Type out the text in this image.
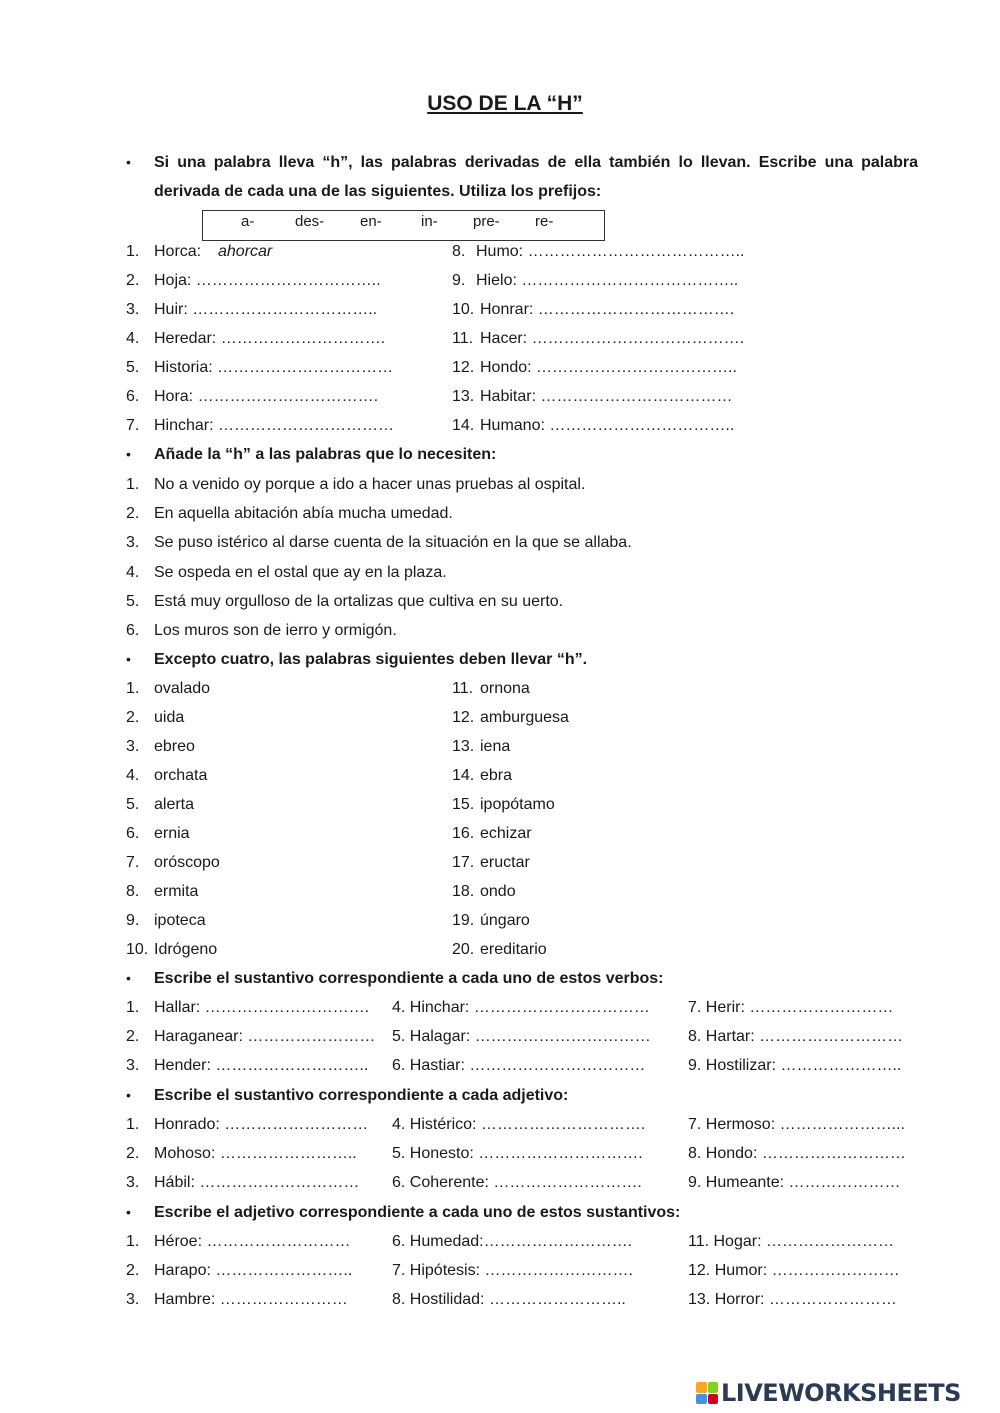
USO DE LA “H”
•	Si una palabra lleva “h”, las palabras derivadas de ella también lo llevan. Escribe una palabra derivada de cada una de las siguientes. Utiliza los prefijos:
a-	des- en-	in- pre- re-
1. Horca: ahorcar
2. Hoja: ……………………………..
3. Huir: ……………………………..
4. Heredar: ………………………….
5. Historia: ……………………………
6. Hora: …………………………….
7. Hinchar: ……………………………
8. Humo: …………………………………..
9. Hielo: …………………………………..
10. Honrar: ……………………………….
11. Hacer: ………………………………….
12. Hondo: ………………………………..
13. Habitar: ………………………………
14. Humano: ……………………………..
•	Añade la “h” a las palabras que lo necesiten:
1. No a venido oy porque a ido a hacer unas pruebas al ospital.
2. En aquella abitación abía mucha umedad.
3. Se puso istérico al darse cuenta de la situación en la que se allaba.
4. Se ospeda en el ostal que ay en la plaza.
5. Está muy orgulloso de la ortalizas que cultiva en su uerto.
6. Los muros son de ierro y ormigón.
•	Excepto cuatro, las palabras siguientes deben llevar “h”.
1. ovalado
2. uida
3. ebreo
4. orchata
5. alerta
6. ernia
7. oróscopo
8. ermita
9. ipoteca
10. Idrógeno
11. ornona
12. amburguesa
13. iena
14. ebra
15. ipopótamo
16. echizar
17. eructar
18. ondo
19. úngaro
20. ereditario
•	Escribe el sustantivo correspondiente a cada uno de estos verbos:
1. Hallar: …………………………. 4. Hinchar: …………………………… 7. Herir: ………………………
2. Haraganear: …………………… 5. Halagar: …………………………… 8. Hartar: ………………………
3. Hender: ……………………….. 6. Hastiar: ……………………………	9. Hostilizar: …………………..
•	Escribe el sustantivo correspondiente a cada adjetivo:
1. Honrado: ……………………… 4. Histérico: ………………………….	7. Hermoso: …………………...
2. Mohoso: …………………….. 5. Honesto: ………………………….	8. Hondo: ………………………
3. Hábil: ………………………… 6. Coherente: ……………………….	9. Humeante: …………………
•	Escribe el adjetivo correspondiente a cada uno de estos sustantivos:
1. Héroe: ………………………	6. Humedad:……………………….	11. Hogar: ……………………
2. Harapo: …………………….. 7. Hipótesis: ……………………….	12. Humor: ……………………
3. Hambre: ……………………	8. Hostilidad: ……………………..	13. Horror: ……………………
LIVEWORKSHEETS
